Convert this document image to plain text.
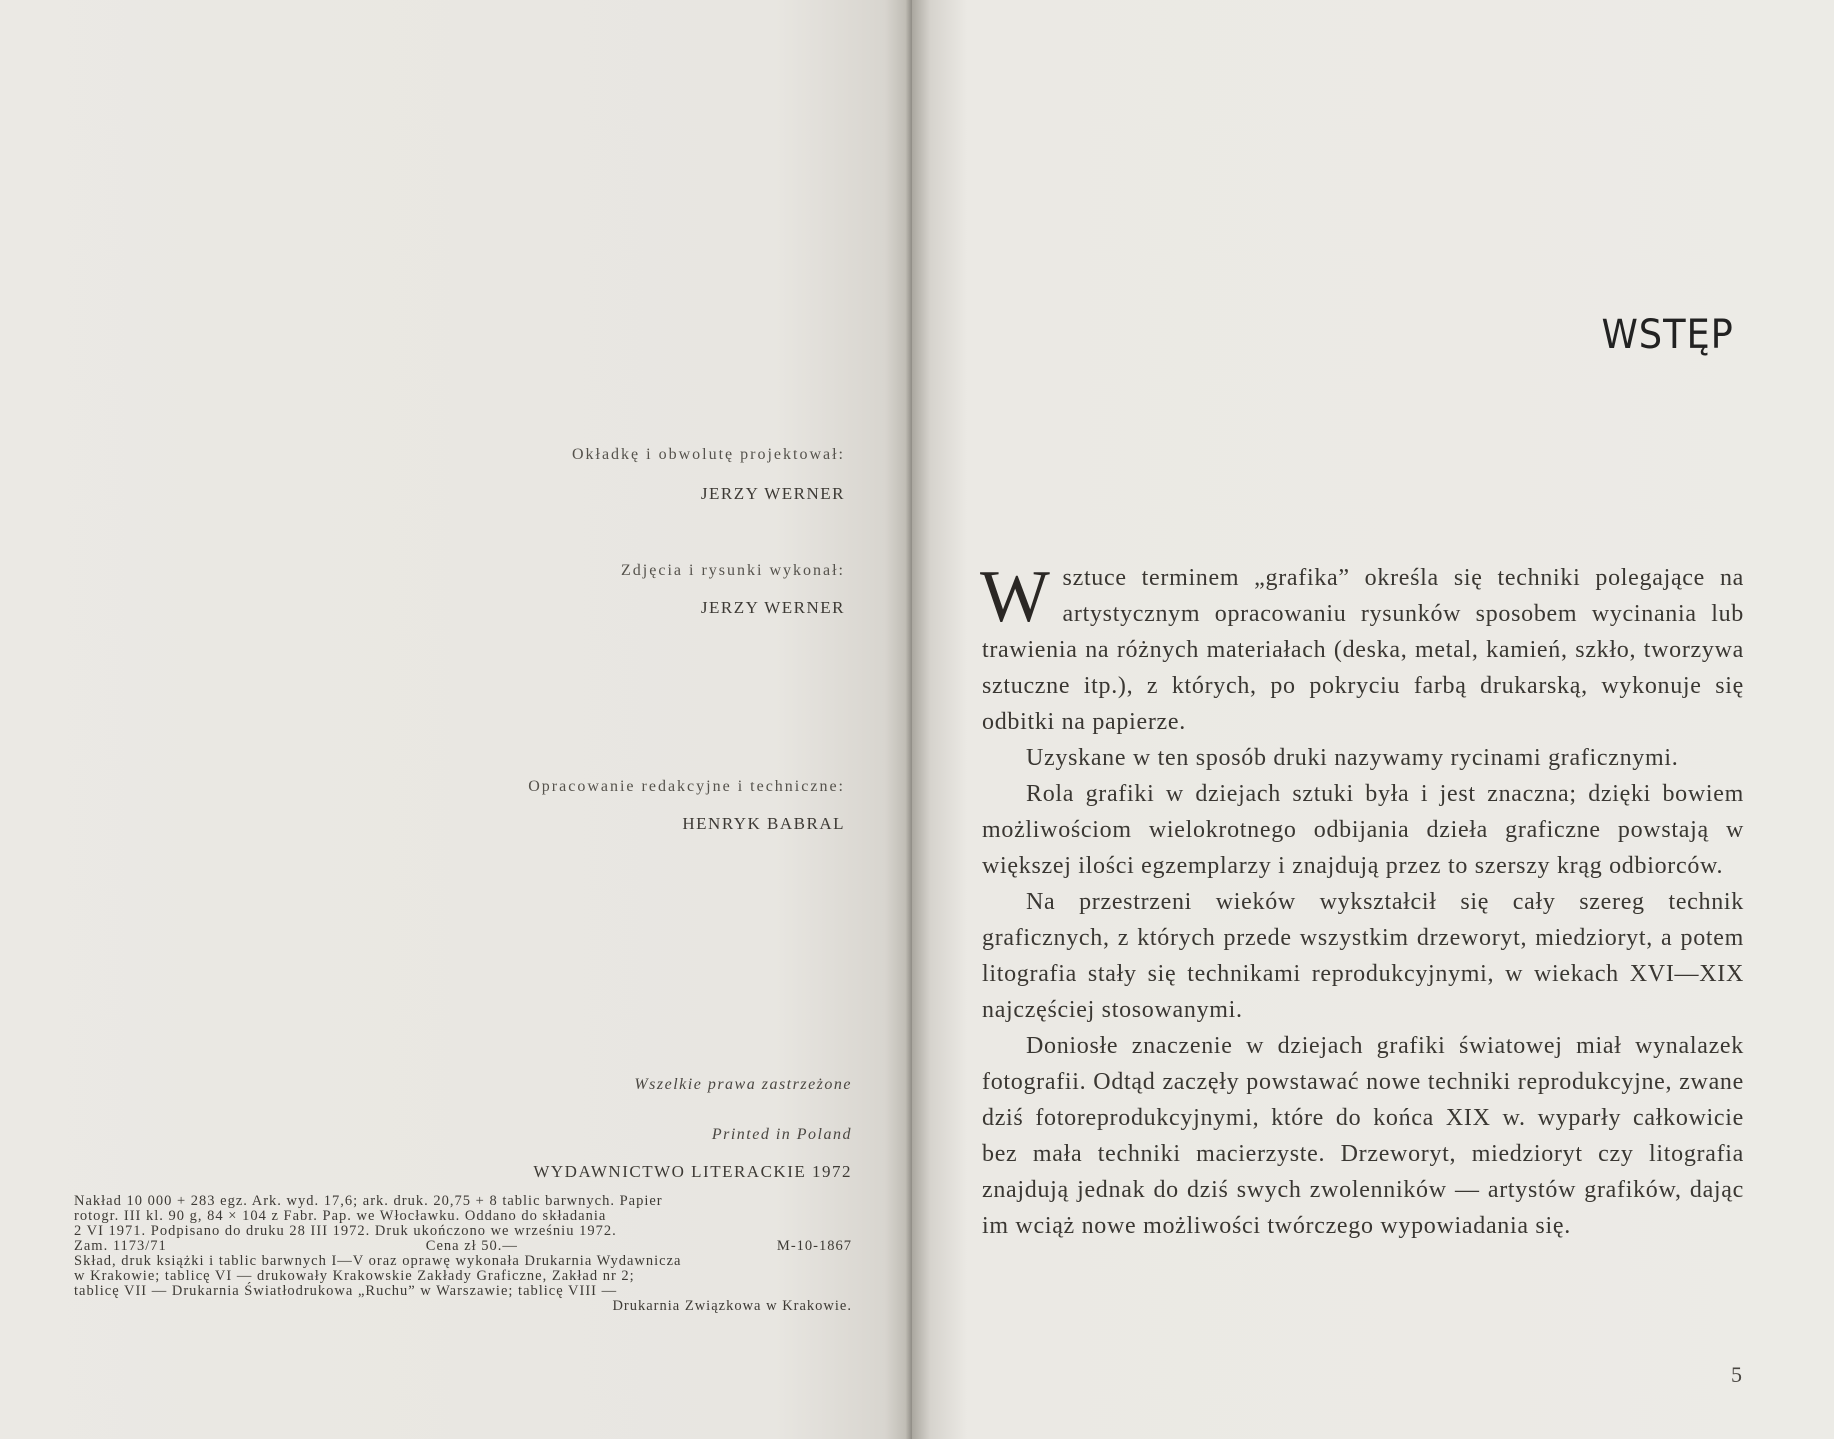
Okładkę i obwolutę projektował:
JERZY WERNER
Zdjęcia i rysunki wykonał:
JERZY WERNER
Opracowanie redakcyjne i techniczne:
HENRYK BABRAL
Wszelkie prawa zastrzeżone
Printed in Poland
WYDAWNICTWO LITERACKIE 1972
Nakład 10 000 + 283 egz. Ark. wyd. 17,6; ark. druk. 20,75 + 8 tablic barwnych. Papier
rotogr. III kl. 90 g, 84 × 104 z Fabr. Pap. we Włocławku. Oddano do składania
2 VI 1971. Podpisano do druku 28 III 1972. Druk ukończono we wrześniu 1972.
Zam. 1173/71	Cena zł 50.—	M-10-1867
Skład, druk książki i tablic barwnych I—V oraz oprawę wykonała Drukarnia Wydawnicza
w Krakowie; tablicę VI — drukowały Krakowskie Zakłady Graficzne, Zakład nr 2;
tablicę VII — Drukarnia Światłodrukowa „Ruchu” w Warszawie; tablicę VIII —
Drukarnia Związkowa w Krakowie.
WSTĘP

Wsztuce terminem „grafika” określa się techniki polegające na artystycznym opracowaniu rysunków sposobem wycinania lub trawienia na różnych materiałach (deska, metal, kamień, szkło, tworzywa sztuczne itp.), z których, po pokryciu farbą drukarską, wykonuje się odbitki na papierze.

Uzyskane w ten sposób druki nazywamy rycinami graficznymi.

Rola grafiki w dziejach sztuki była i jest znaczna; dzięki bowiem możliwościom wielokrotnego odbijania dzieła graficzne powstają w większej ilości egzemplarzy i znajdują przez to szerszy krąg odbiorców.

Na przestrzeni wieków wykształcił się cały szereg technik graficznych, z których przede wszystkim drzeworyt, miedzioryt, a potem litografia stały się technikami reprodukcyjnymi, w wiekach XVI—XIX najczęściej stosowanymi.

Doniosłe znaczenie w dziejach grafiki światowej miał wynalazek fotografii. Odtąd zaczęły powstawać nowe techniki reprodukcyjne, zwane dziś fotoreprodukcyjnymi, które do końca XIX w. wyparły całkowicie bez mała techniki macierzyste. Drzeworyt, miedzioryt czy litografia znajdują jednak do dziś swych zwolenników — artystów grafików, dając im wciąż nowe możliwości twórczego wypowiadania się.

5
